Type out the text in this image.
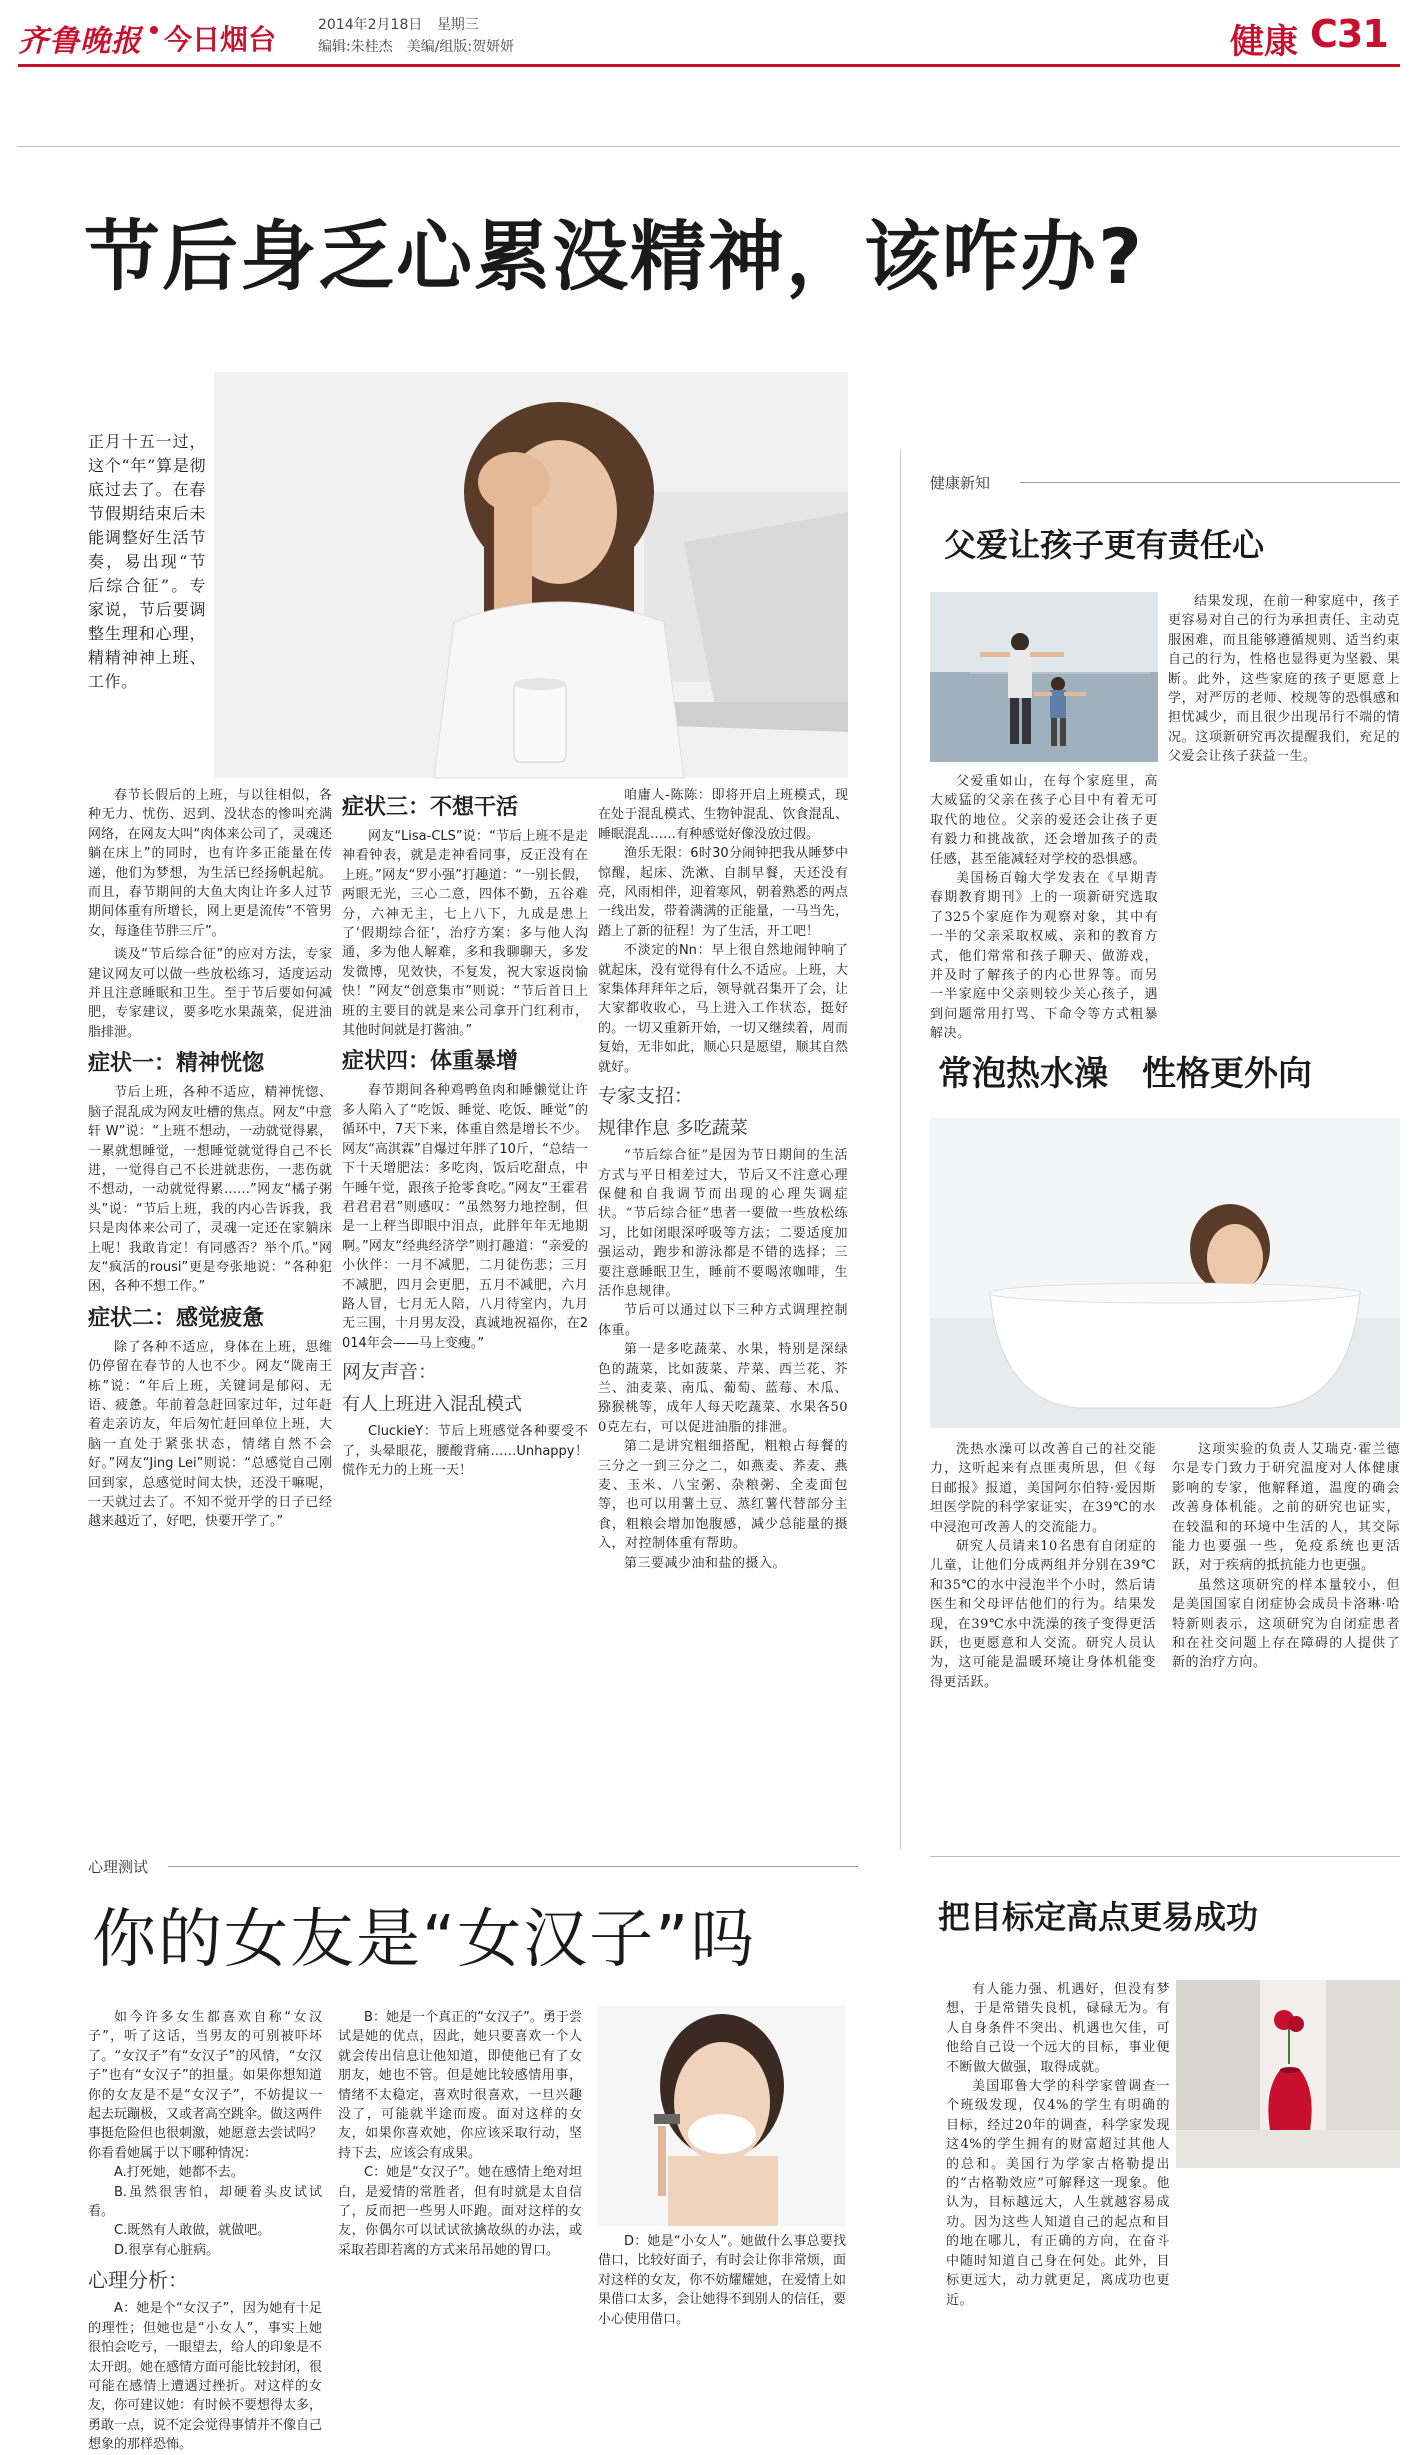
齐鲁晚报 今日烟台	2014年2月18日 星期三
编辑:朱桂杰　美编/组版:贺妍妍	健康 C31
节后身乏心累没精神，该咋办?

正月十五一过，这个“年”算是彻底过去了。在春节假期结束后未能调整好生活节奏，易出现“节后综合征”。专家说，节后要调整生理和心理，精精神神上班、工作。

春节长假后的上班，与以往相似，各种无力、忧伤、迟到、没状态的惨叫充满网络，在网友大叫“肉体来公司了，灵魂还躺在床上”的同时，也有许多正能量在传递，他们为梦想，为生活已经扬帆起航。而且，春节期间的大鱼大肉让许多人过节期间体重有所增长，网上更是流传“不管男女，每逢佳节胖三斤”。

谈及“节后综合征”的应对方法，专家建议网友可以做一些放松练习，适度运动并且注意睡眠和卫生。至于节后要如何减肥，专家建议，要多吃水果蔬菜，促进油脂排泄。

症状一：精神恍惚

节后上班，各种不适应，精神恍惚、脑子混乱成为网友吐槽的焦点。网友“中意轩 W”说：“上班不想动，一动就觉得累，一累就想睡觉，一想睡觉就觉得自己不长进，一觉得自己不长进就悲伤，一悲伤就不想动，一动就觉得累……”网友“橘子粥头”说：“节后上班，我的内心告诉我，我只是肉体来公司了，灵魂一定还在家躺床上呢！我敢肯定！有同感否？举个爪。”网友“疯活的rousi”更是夸张地说：“各种犯困，各种不想工作。”

症状二：感觉疲惫

除了各种不适应，身体在上班，思维仍停留在春节的人也不少。网友“陇南王栋”说：“年后上班，关键词是郁闷、无语、疲惫。年前着急赶回家过年，过年赶着走亲访友，年后匆忙赶回单位上班，大脑一直处于紧张状态，情绪自然不会好。”网友“Jing Lei”则说：“总感觉自己刚回到家，总感觉时间太快，还没干嘛呢，一天就过去了。不知不觉开学的日子已经越来越近了，好吧，快要开学了。”

症状三：不想干活

网友“Lisa-CLS”说：“节后上班不是走神看钟表，就是走神看同事，反正没有在上班。”网友“罗小强”打趣道：“一别长假，两眼无光，三心二意，四体不勤，五谷难分，六神无主，七上八下，九成是患上了‘假期综合征’，治疗方案：多与他人沟通，多为他人解难，多和我聊聊天，多发发微博，见效快，不复发，祝大家返岗愉快！”网友“创意集市”则说：“节后首日上班的主要目的就是来公司拿开门红利市，其他时间就是打酱油。”

症状四：体重暴增

春节期间各种鸡鸭鱼肉和睡懒觉让许多人陷入了“吃饭、睡觉、吃饭、睡觉”的循环中，7天下来，体重自然是增长不少。网友“高淇霖”自爆过年胖了10斤，“总结一下十天增肥法：多吃肉，饭后吃甜点，中午睡午觉，跟孩子抢零食吃。”网友“王霍君君君君君”则感叹：“虽然努力地控制，但是一上秤当即眼中泪点，此胖年年无地期啊。”网友“经典经济学”则打趣道：“亲爱的小伙伴：一月不减肥，二月徒伤悲；三月不减肥，四月会更肥，五月不减肥，六月路人冒，七月无人陪，八月待室内，九月无三围，十月男友没，真诚地祝福你，在2014年会——马上变瘦。”

网友声音：
有人上班进入混乱模式

CluckieY：节后上班感觉各种要受不了，头晕眼花，腰酸背痛……Unhappy！慌作无力的上班一天！

咱庸人-陈陈：即将开启上班模式，现在处于混乱模式、生物钟混乱、饮食混乱、睡眠混乱……有种感觉好像没放过假。

渔乐无限：6时30分闹钟把我从睡梦中惊醒，起床、洗漱、自制早餐，天还没有亮，风雨相伴，迎着寒风，朝着熟悉的两点一线出发，带着满满的正能量，一马当先，踏上了新的征程！为了生活，开工吧！

不淡定的Nn：早上很自然地闹钟响了就起床，没有觉得有什么不适应。上班，大家集体拜拜年之后，领导就召集开了会，让大家都收收心，马上进入工作状态，挺好的。一切又重新开始，一切又继续着，周而复始，无非如此，顺心只是愿望，顺其自然就好。

专家支招：
规律作息 多吃蔬菜

“节后综合征”是因为节日期间的生活方式与平日相差过大，节后又不注意心理保健和自我调节而出现的心理失调症状。“节后综合征”患者一要做一些放松练习，比如闭眼深呼吸等方法；二要适度加强运动，跑步和游泳都是不错的选择；三要注意睡眠卫生，睡前不要喝浓咖啡，生活作息规律。

节后可以通过以下三种方式调理控制体重。

第一是多吃蔬菜、水果，特别是深绿色的蔬菜，比如菠菜、芹菜、西兰花、芥兰、油麦菜、南瓜、葡萄、蓝莓、木瓜、猕猴桃等，成年人每天吃蔬菜、水果各500克左右，可以促进油脂的排泄。

第二是讲究粗细搭配，粗粮占每餐的三分之一到三分之二，如燕麦、荞麦、燕麦、玉米、八宝粥、杂粮粥、全麦面包等，也可以用薯土豆、蒸红薯代替部分主食，粗粮会增加饱腹感，减少总能量的摄入，对控制体重有帮助。

第三要减少油和盐的摄入。

健康新知
父爱让孩子更有责任心

父爱重如山，在每个家庭里，高大威猛的父亲在孩子心目中有着无可取代的地位。父亲的爱还会让孩子更有毅力和挑战欲，还会增加孩子的责任感，甚至能减轻对学校的恐惧感。

美国杨百翰大学发表在《早期青春期教育期刊》上的一项新研究选取了325个家庭作为观察对象，其中有一半的父亲采取权威、亲和的教育方式，他们常常和孩子聊天、做游戏，并及时了解孩子的内心世界等。而另一半家庭中父亲则较少关心孩子，遇到问题常用打骂、下命令等方式粗暴解决。

结果发现，在前一种家庭中，孩子更容易对自己的行为承担责任、主动克服困难，而且能够遵循规则、适当约束自己的行为，性格也显得更为坚毅、果断。此外，这些家庭的孩子更愿意上学，对严厉的老师、校规等的恐惧感和担忧减少，而且很少出现吊行不端的情况。这项新研究再次提醒我们，充足的父爱会让孩子获益一生。

常泡热水澡　性格更外向

洗热水澡可以改善自己的社交能力，这听起来有点匪夷所思，但《每日邮报》报道，美国阿尔伯特·爱因斯坦医学院的科学家证实，在39℃的水中浸泡可改善人的交流能力。

研究人员请来10名患有自闭症的儿童，让他们分成两组并分别在39℃和35℃的水中浸泡半个小时，然后请医生和父母评估他们的行为。结果发现，在39℃水中洗澡的孩子变得更活跃，也更愿意和人交流。研究人员认为，这可能是温暖环境让身体机能变得更活跃。

这项实验的负责人艾瑞克·霍兰德尔是专门致力于研究温度对人体健康影响的专家，他解释道，温度的确会改善身体机能。之前的研究也证实，在较温和的环境中生活的人，其交际能力也要强一些，免疫系统也更活跃，对于疾病的抵抗能力也更强。

虽然这项研究的样本量较小，但是美国国家自闭症协会成员卡洛琳·哈特新则表示，这项研究为自闭症患者和在社交问题上存在障碍的人提供了新的治疗方向。

把目标定高点更易成功

有人能力强、机遇好，但没有梦想，于是常错失良机，碌碌无为。有人自身条件不突出、机遇也欠佳，可他给自己设一个远大的目标，事业便不断做大做强，取得成就。

美国耶鲁大学的科学家曾调查一个班级发现，仅4%的学生有明确的目标，经过20年的调查，科学家发现这4%的学生拥有的财富超过其他人的总和。美国行为学家古格勒提出的“古格勒效应”可解释这一现象。他认为，目标越远大，人生就越容易成功。因为这些人知道自己的起点和目的地在哪儿，有正确的方向，在奋斗中随时知道自己身在何处。此外，目标更远大，动力就更足，离成功也更近。

心理测试
你的女友是“女汉子”吗

如今许多女生都喜欢自称“女汉子”，听了这话，当男友的可别被吓坏了。“女汉子”有“女汉子”的风情，“女汉子”也有“女汉子”的担量。如果你想知道你的女友是不是“女汉子”，不妨提议一起去玩蹦极，又或者高空跳伞。做这两件事挺危险但也很刺激，她愿意去尝试吗？你看看她属于以下哪种情况：

A.打死她，她都不去。

B.虽然很害怕，却硬着头皮试试看。

C.既然有人敢做，就做吧。

D.很享有心脏病。

心理分析：

A：她是个“女汉子”，因为她有十足的理性；但她也是“小女人”，事实上她很怕会吃亏，一眼望去，给人的印象是不太开朗。她在感情方面可能比较封闭，很可能在感情上遭遇过挫折。对这样的女友，你可建议她：有时候不要想得太多，勇敢一点，说不定会觉得事情并不像自己想象的那样恐怖。

B：她是一个真正的“女汉子”。勇于尝试是她的优点，因此，她只要喜欢一个人就会传出信息让他知道，即使他已有了女朋友，她也不管。但是她比较感情用事，情绪不太稳定，喜欢时很喜欢，一旦兴趣没了，可能就半途而废。面对这样的女友，如果你喜欢她，你应该采取行动，坚持下去，应该会有成果。

C：她是“女汉子”。她在感情上绝对坦白，是爱情的常胜者，但有时就是太自信了，反而把一些男人吓跑。面对这样的女友，你偶尔可以试试欲擒故纵的办法，或采取若即若离的方式来吊吊她的胃口。

D：她是“小女人”。她做什么事总要找借口，比较好面子，有时会让你非常烦，面对这样的女友，你不妨耀耀她，在爱情上如果借口太多，会让她得不到别人的信任，要小心使用借口。
